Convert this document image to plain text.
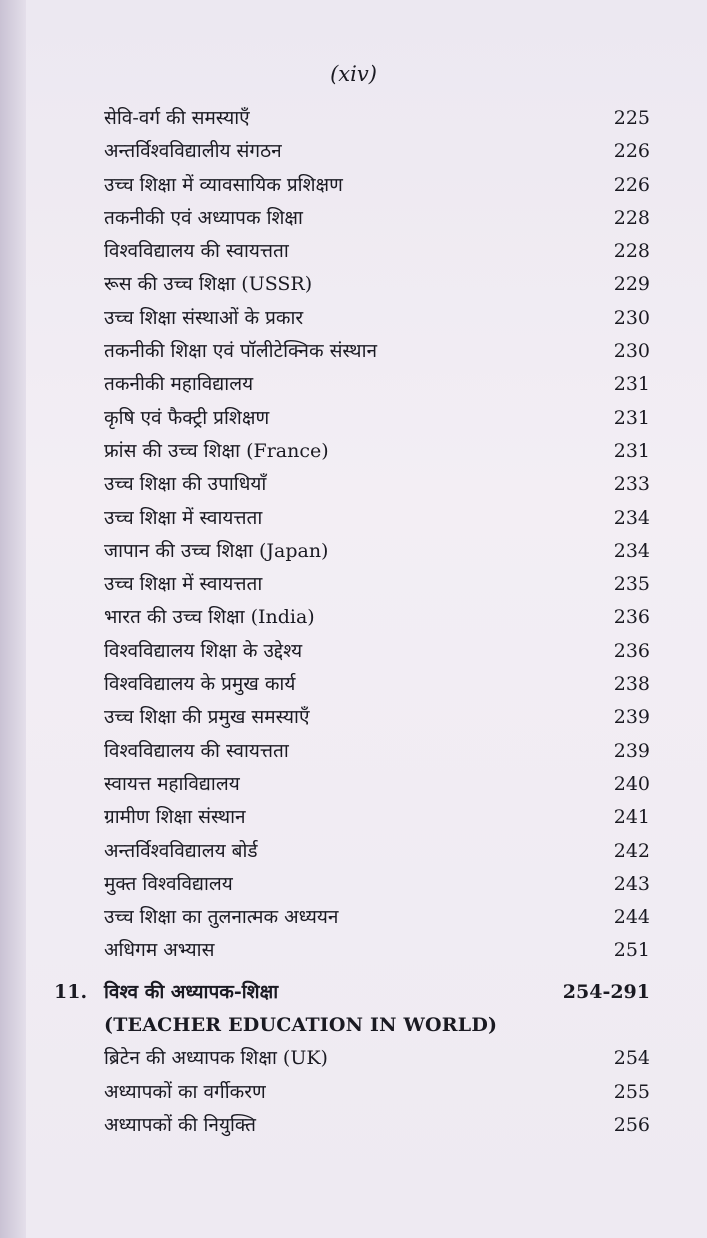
(xiv)
सेवि-वर्ग की समस्याएँ	225
अन्तर्विश्वविद्यालीय संगठन	226
उच्च शिक्षा में व्यावसायिक प्रशिक्षण	226
तकनीकी एवं अध्यापक शिक्षा	228
विश्वविद्यालय की स्वायत्तता	228
रूस की उच्च शिक्षा (USSR)	229
उच्च शिक्षा संस्थाओं के प्रकार	230
तकनीकी शिक्षा एवं पॉलीटेक्निक संस्थान	230
तकनीकी महाविद्यालय	231
कृषि एवं फैक्ट्री प्रशिक्षण	231
फ्रांस की उच्च शिक्षा (France)	231
उच्च शिक्षा की उपाधियाँ	233
उच्च शिक्षा में स्वायत्तता	234
जापान की उच्च शिक्षा (Japan)	234
उच्च शिक्षा में स्वायत्तता	235
भारत की उच्च शिक्षा (India)	236
विश्वविद्यालय शिक्षा के उद्देश्य	236
विश्वविद्यालय के प्रमुख कार्य	238
उच्च शिक्षा की प्रमुख समस्याएँ	239
विश्वविद्यालय की स्वायत्तता	239
स्वायत्त महाविद्यालय	240
ग्रामीण शिक्षा संस्थान	241
अन्तर्विश्वविद्यालय बोर्ड	242
मुक्त विश्वविद्यालय	243
उच्च शिक्षा का तुलनात्मक अध्ययन	244
अधिगम अभ्यास	251
11. विश्व की अध्यापक-शिक्षा	254-291
(TEACHER EDUCATION IN WORLD)
ब्रिटेन की अध्यापक शिक्षा (UK)	254
अध्यापकों का वर्गीकरण	255
अध्यापकों की नियुक्ति	256
